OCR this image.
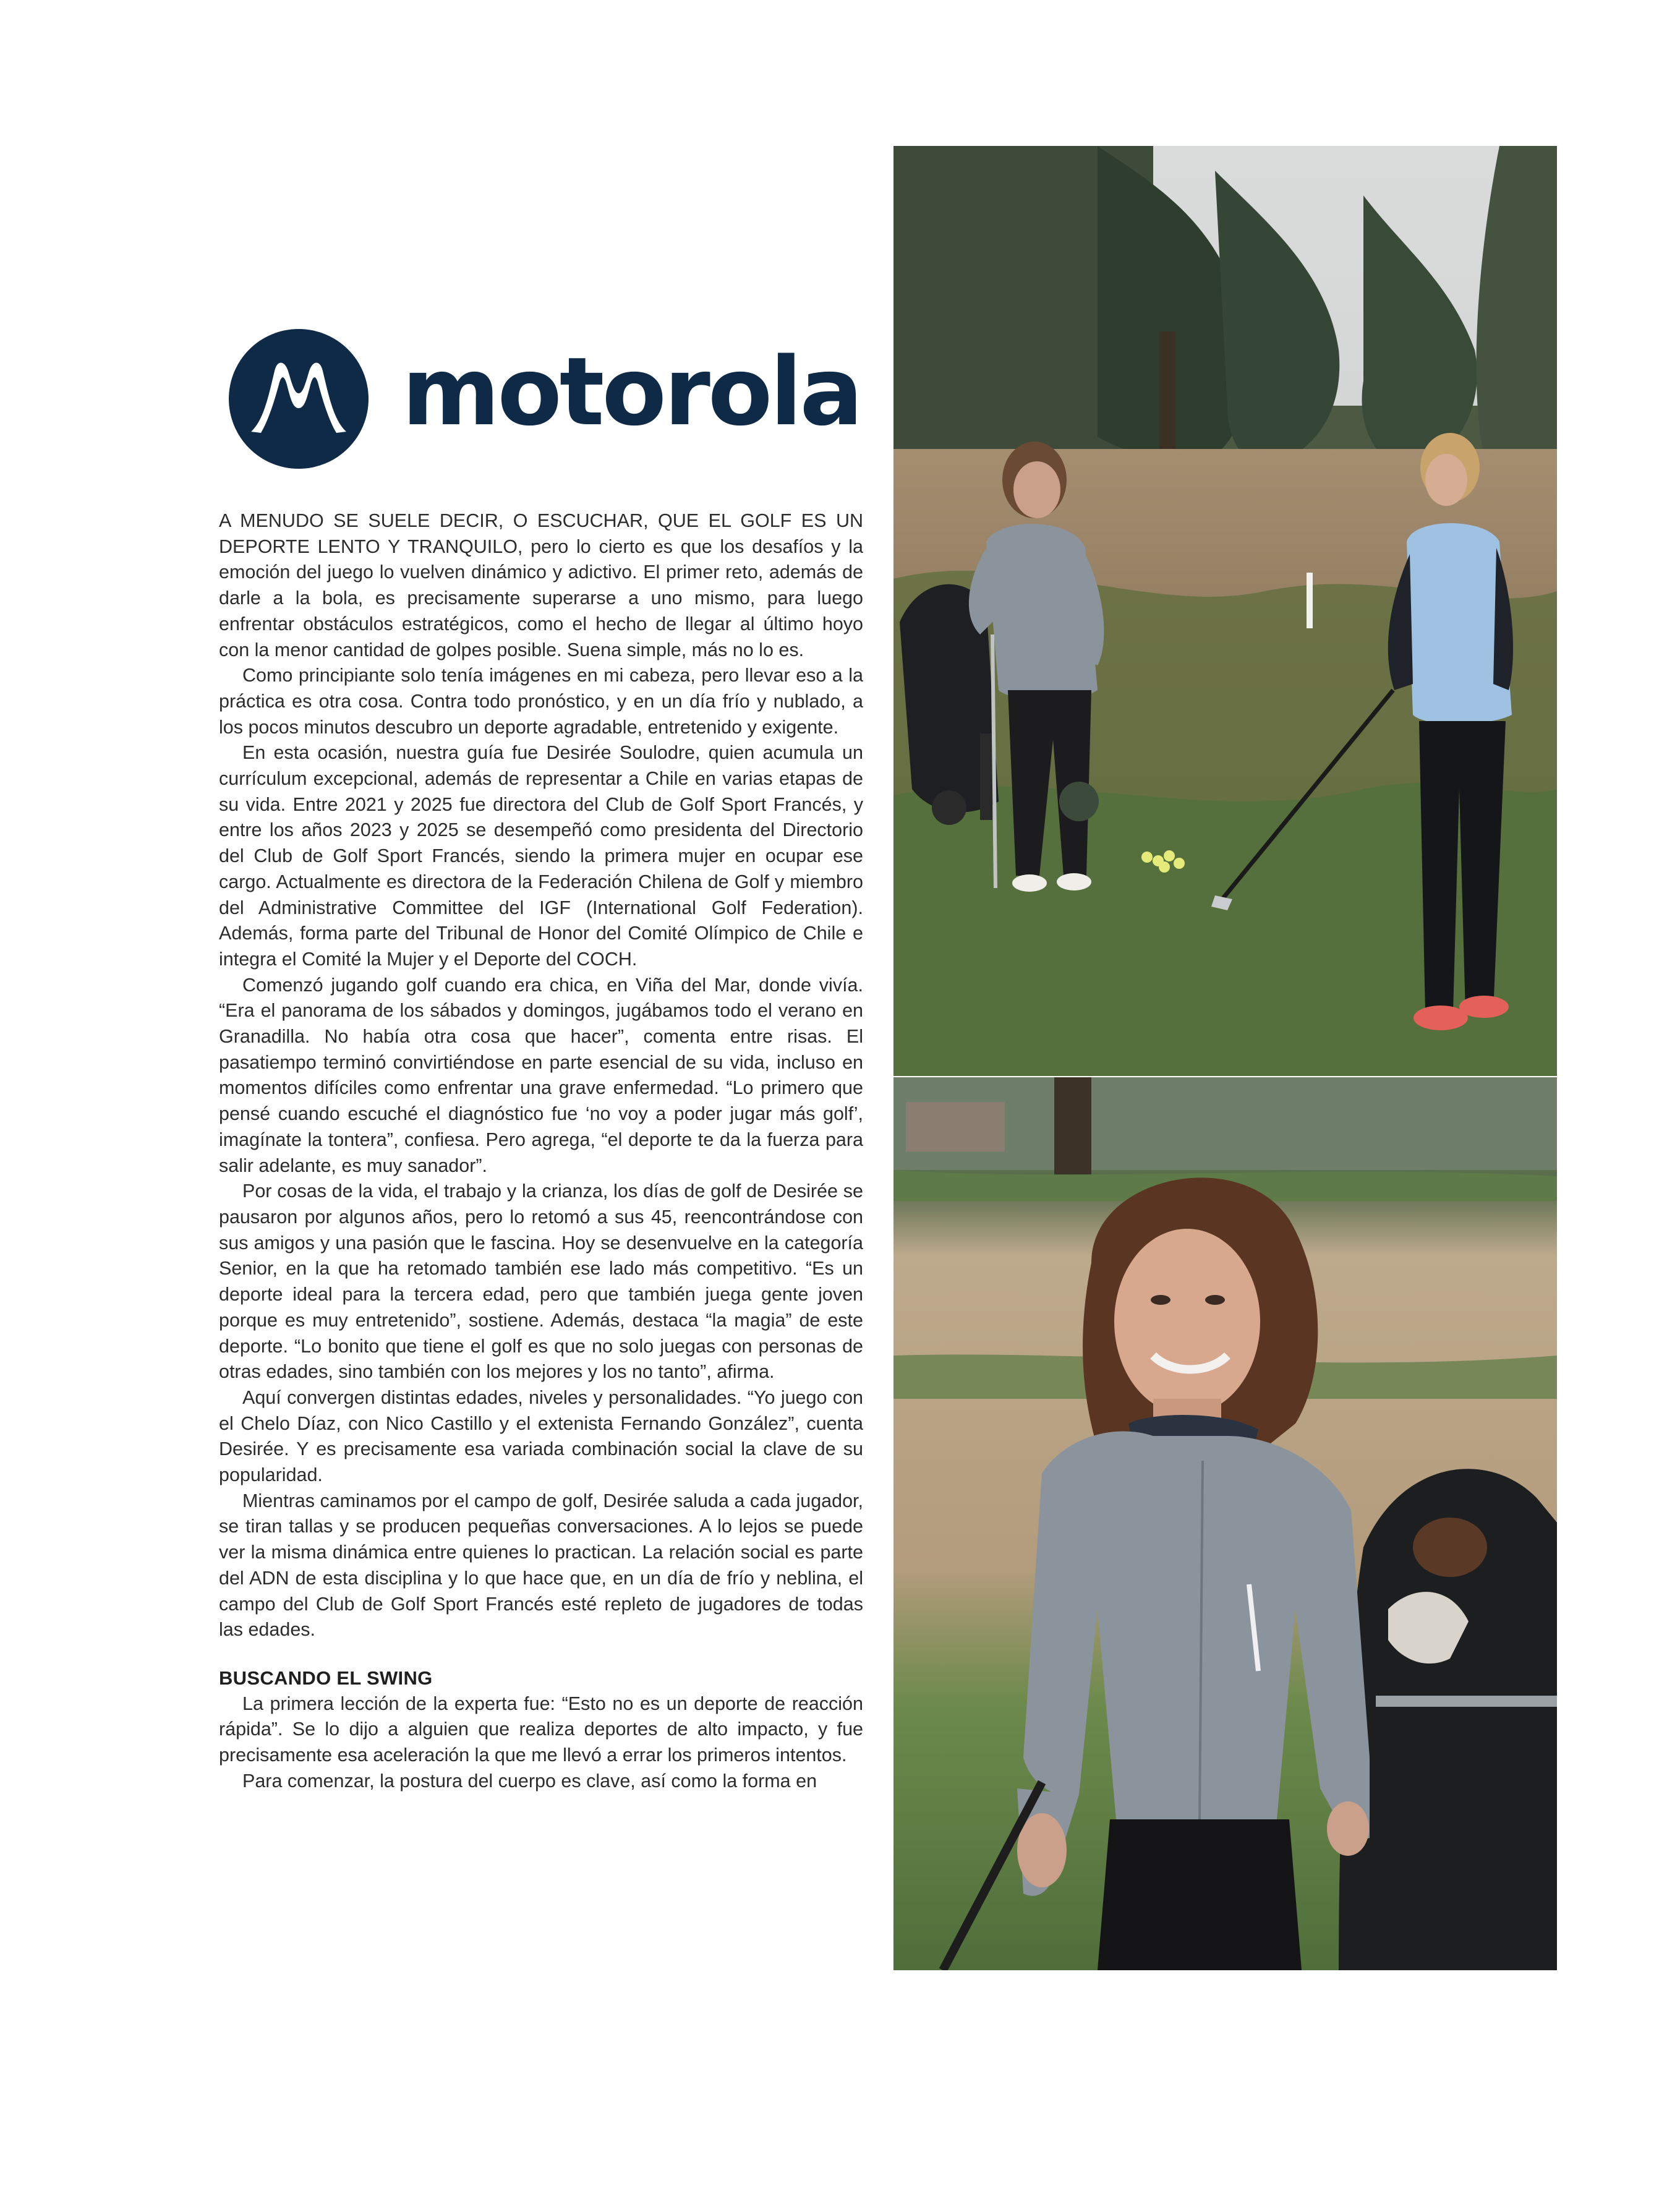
motorola

A MENUDO SE SUELE DECIR, O ESCUCHAR, QUE EL GOLF ES UN DEPORTE LENTO Y TRANQUILO, pero lo cierto es que los desafíos y la emoción del juego lo vuelven dinámico y adictivo. El primer reto, además de darle a la bola, es precisamente superarse a uno mismo, para luego enfrentar obstáculos estratégicos, como el hecho de llegar al último hoyo con la menor cantidad de golpes posible. Suena simple, más no lo es.

Como principiante solo tenía imágenes en mi cabeza, pero llevar eso a la práctica es otra cosa. Contra todo pronóstico, y en un día frío y nublado, a los pocos minutos descubro un deporte agradable, entretenido y exigente.

En esta ocasión, nuestra guía fue Desirée Soulodre, quien acumula un currículum excepcional, además de representar a Chile en varias etapas de su vida. Entre 2021 y 2025 fue directora del Club de Golf Sport Francés, y entre los años 2023 y 2025 se desempeñó como presidenta del Directorio del Club de Golf Sport Francés, siendo la primera mujer en ocupar ese cargo. Actualmente es directora de la Federación Chilena de Golf y miembro del Administrative Committee del IGF (International Golf Federation). Además, forma parte del Tribunal de Honor del Comité Olímpico de Chile e integra el Comité la Mujer y el Deporte del COCH.

Comenzó jugando golf cuando era chica, en Viña del Mar, donde vivía. “Era el panorama de los sábados y domingos, jugábamos todo el verano en Granadilla. No había otra cosa que hacer”, comenta entre risas. El pasatiempo terminó convirtiéndose en parte esencial de su vida, incluso en momentos difíciles como enfrentar una grave enfermedad. “Lo primero que pensé cuando escuché el diagnóstico fue ‘no voy a poder jugar más golf’, imagínate la tontera”, confiesa. Pero agrega, “el deporte te da la fuerza para salir adelante, es muy sanador”.

Por cosas de la vida, el trabajo y la crianza, los días de golf de Desirée se pausaron por algunos años, pero lo retomó a sus 45, reencontrándose con sus amigos y una pasión que le fascina. Hoy se desenvuelve en la categoría Senior, en la que ha retomado también ese lado más competitivo. “Es un deporte ideal para la tercera edad, pero que también juega gente joven porque es muy entretenido”, sostiene. Además, destaca “la magia” de este deporte. “Lo bonito que tiene el golf es que no solo juegas con personas de otras edades, sino también con los mejores y los no tanto”, afirma.

Aquí convergen distintas edades, niveles y personalidades. “Yo juego con el Chelo Díaz, con Nico Castillo y el extenista Fernando González”, cuenta Desirée. Y es precisamente esa variada combinación social la clave de su popularidad.

Mientras caminamos por el campo de golf, Desirée saluda a cada jugador, se tiran tallas y se producen pequeñas conversaciones. A lo lejos se puede ver la misma dinámica entre quienes lo practican. La relación social es parte del ADN de esta disciplina y lo que hace que, en un día de frío y neblina, el campo del Club de Golf Sport Francés esté repleto de jugadores de todas las edades.

BUSCANDO EL SWING

La primera lección de la experta fue: “Esto no es un deporte de reacción rápida”. Se lo dijo a alguien que realiza deportes de alto impacto, y fue precisamente esa aceleración la que me llevó a errar los primeros intentos.

Para comenzar, la postura del cuerpo es clave, así como la forma en
